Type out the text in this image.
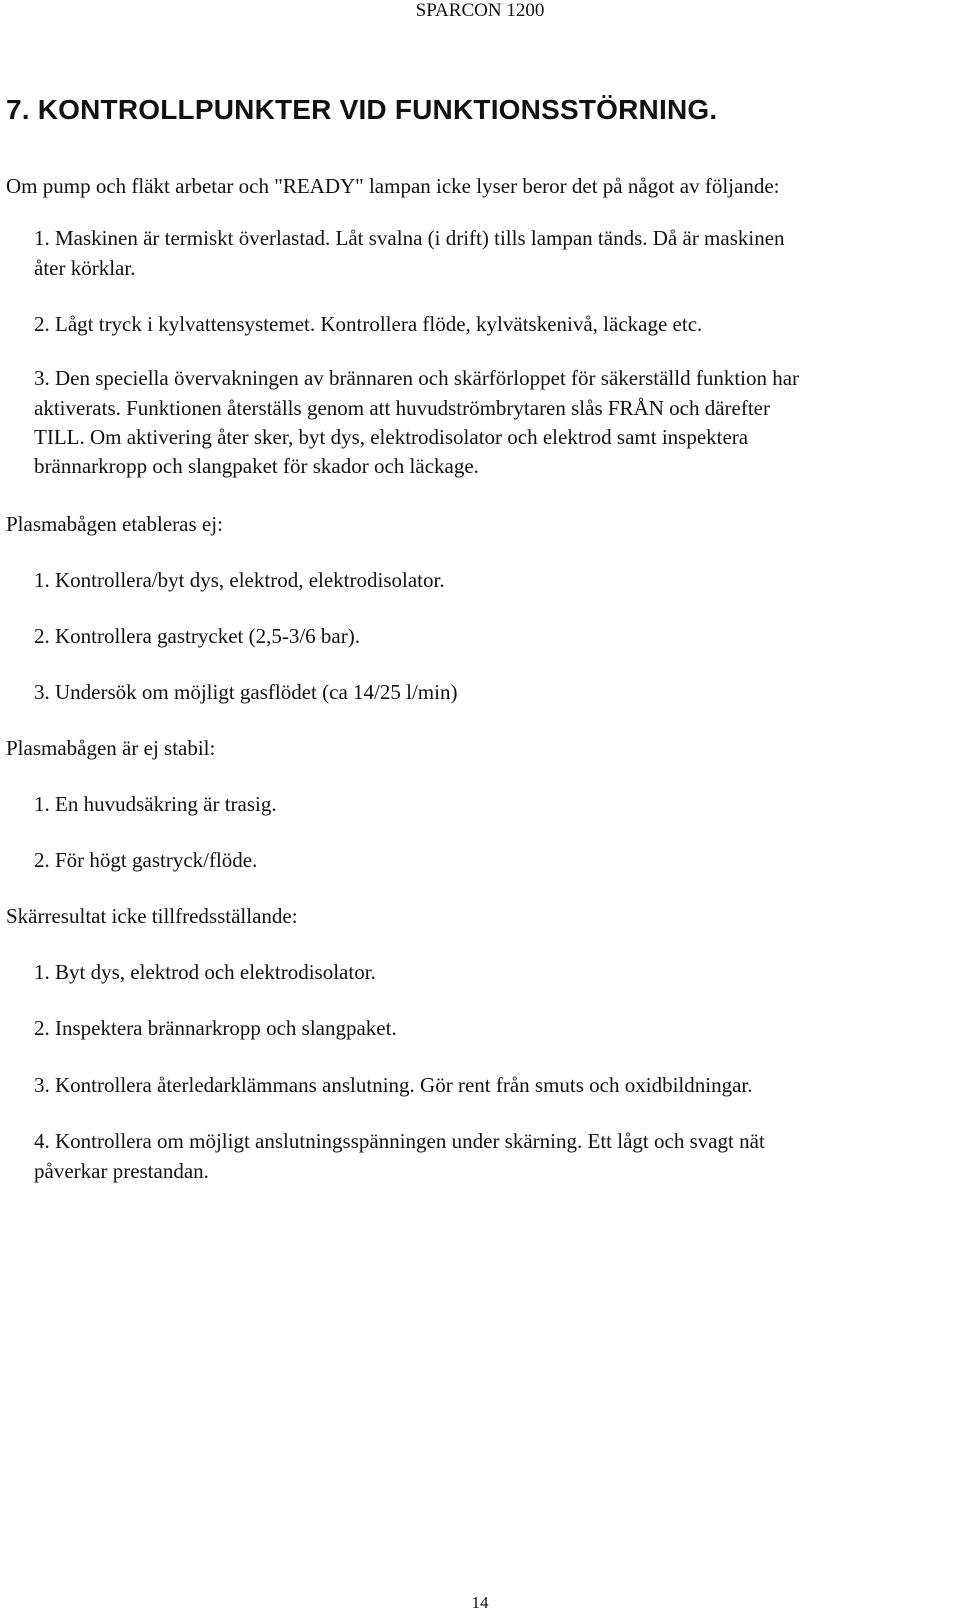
SPARCON 1200
7. KONTROLLPUNKTER VID FUNKTIONSSTÖRNING.
Om pump och fläkt arbetar och "READY" lampan icke lyser beror det på något av följande:
1. Maskinen är termiskt överlastad. Låt svalna (i drift) tills lampan tänds. Då är maskinen
åter körklar.
2. Lågt tryck i kylvattensystemet. Kontrollera flöde, kylvätskenivå, läckage etc.
3. Den speciella övervakningen av brännaren och skärförloppet för säkerställd funktion har
aktiverats. Funktionen återställs genom att huvudströmbrytaren slås FRÅN och därefter
TILL. Om aktivering åter sker, byt dys, elektrodisolator och elektrod samt inspektera
brännarkropp och slangpaket för skador och läckage.
Plasmabågen etableras ej:
1. Kontrollera/byt dys, elektrod, elektrodisolator.
2. Kontrollera gastrycket (2,5-3/6 bar).
3. Undersök om möjligt gasflödet (ca 14/25 l/min)
Plasmabågen är ej stabil:
1. En huvudsäkring är trasig.
2. För högt gastryck/flöde.
Skärresultat icke tillfredsställande:
1. Byt dys, elektrod och elektrodisolator.
2. Inspektera brännarkropp och slangpaket.
3. Kontrollera återledarklämmans anslutning. Gör rent från smuts och oxidbildningar.
4. Kontrollera om möjligt anslutningsspänningen under skärning. Ett lågt och svagt nät
påverkar prestandan.
14
